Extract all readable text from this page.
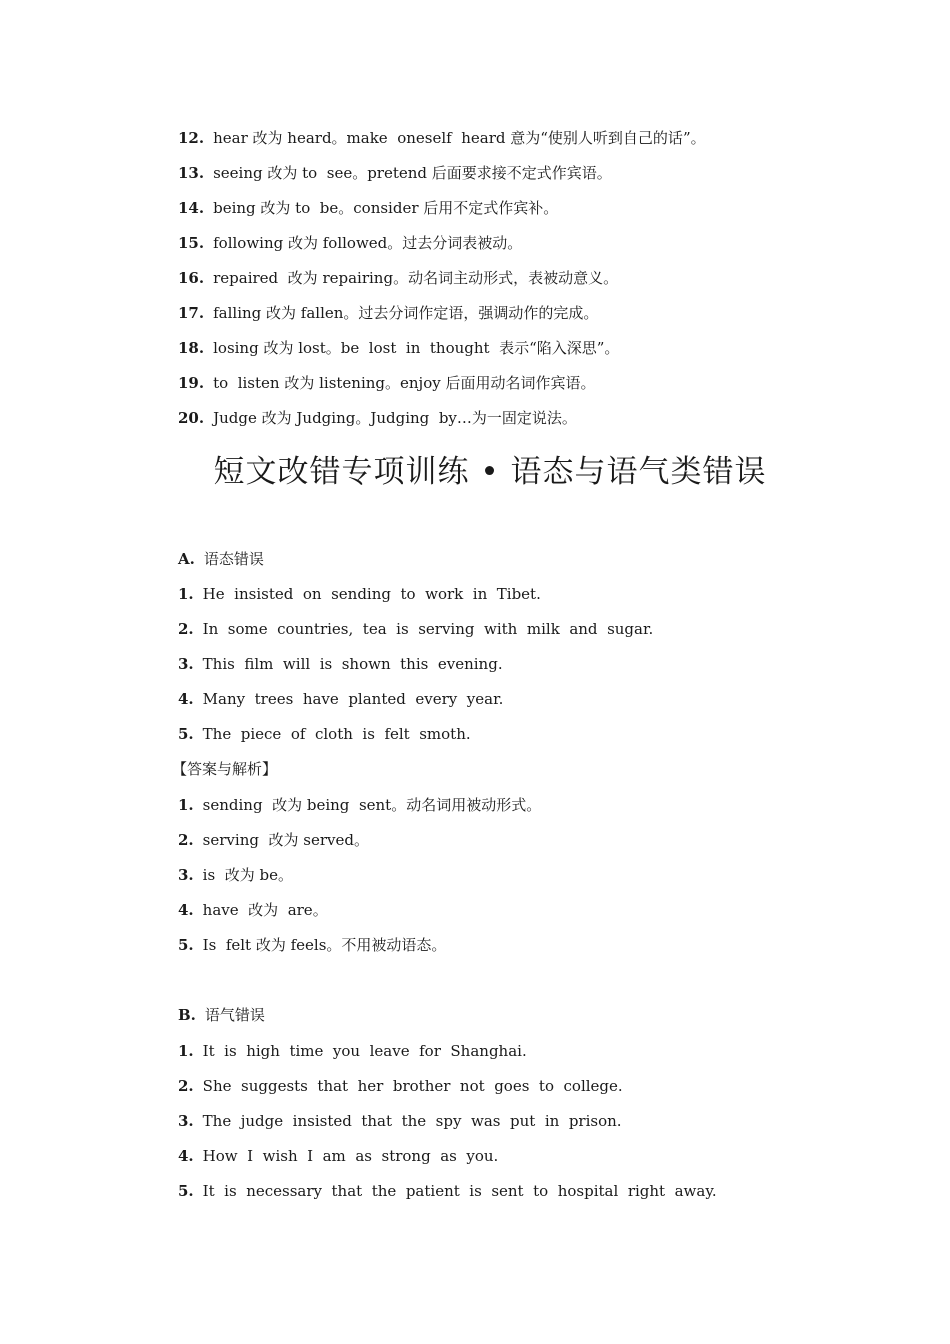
12. hear 改为 heard。make  oneself  heard 意为“使别人听到自己的话”。
13. seeing 改为 to  see。pretend 后面要求接不定式作宾语。
14. being 改为 to  be。consider 后用不定式作宾补。
15. following 改为 followed。过去分词表被动。
16. repaired  改为 repairing。动名词主动形式，表被动意义。
17. falling 改为 fallen。过去分词作定语，强调动作的完成。
18. losing 改为 lost。be  lost  in  thought  表示“陷入深思”。
19. to  listen 改为 listening。enjoy 后面用动名词作宾语。
20. Judge 改为 Judging。Judging  by…为一固定说法。
短文改错专项训练 • 语态与语气类错误
A. 语态错误
1. He  insisted  on  sending  to  work  in  Tibet.
2. In  some  countries,  tea  is  serving  with  milk  and  sugar.
3. This  film  will  is  shown  this  evening.
4. Many  trees  have  planted  every  year.
5. The  piece  of  cloth  is  felt  smoth.
【答案与解析】
1. sending  改为 being  sent。动名词用被动形式。
2. serving  改为 served。
3. is  改为 be。
4. have  改为  are。
5. Is  felt 改为 feels。不用被动语态。
B. 语气错误
1. It  is  high  time  you  leave  for  Shanghai.
2. She  suggests  that  her  brother  not  goes  to  college.
3. The  judge  insisted  that  the  spy  was  put  in  prison.
4. How  I  wish  I  am  as  strong  as  you.
5. It  is  necessary  that  the  patient  is  sent  to  hospital  right  away.
